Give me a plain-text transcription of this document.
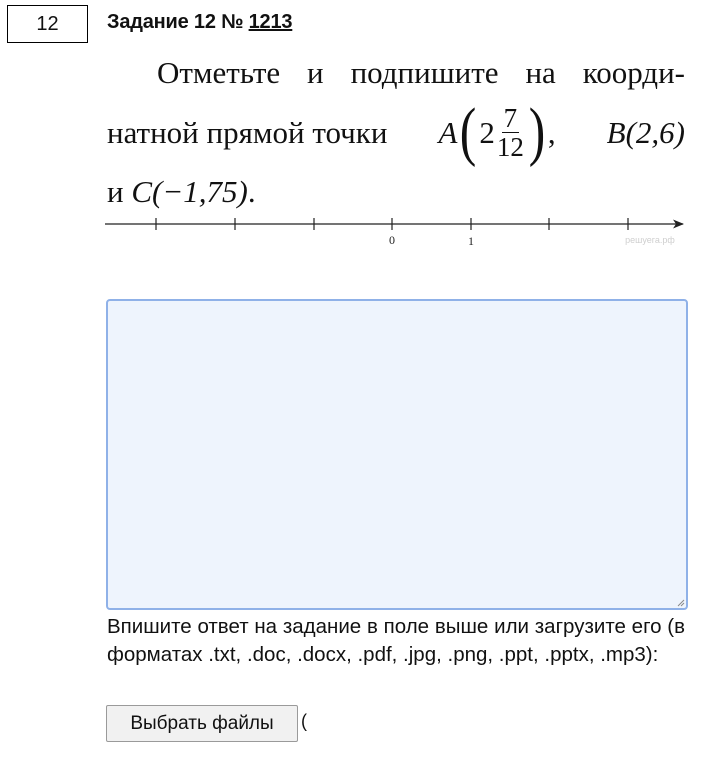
12 Задание 12 № 1213
Отметьте и подпишите на коорди-
натной прямой точки A ( $2 \frac{7}{12}$ ) , B(2,6)
и C(−1,75).
0	1	решуега.рф
Впишите ответ на задание в поле выше или загрузите его (в форматах .txt, .doc, .docx, .pdf, .jpg, .png, .ppt, .pptx, .mp3):
Выбрать файлы	(
